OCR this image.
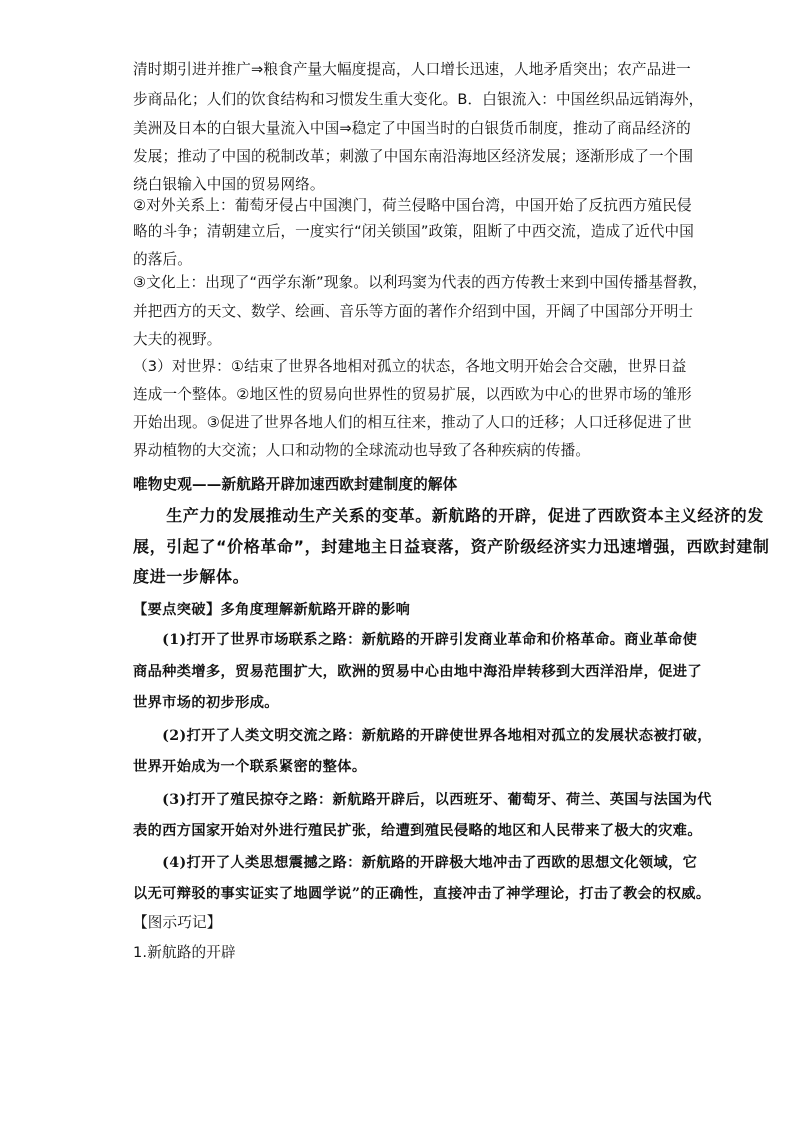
清时期引进并推广⇒粮食产量大幅度提高，人口增长迅速，人地矛盾突出；农产品进一
步商品化；人们的饮食结构和习惯发生重大变化。B．白银流入：中国丝织品远销海外，
美洲及日本的白银大量流入中国⇒稳定了中国当时的白银货币制度，推动了商品经济的
发展；推动了中国的税制改革；刺激了中国东南沿海地区经济发展；逐渐形成了一个围
绕白银输入中国的贸易网络。
②对外关系上：葡萄牙侵占中国澳门，荷兰侵略中国台湾，中国开始了反抗西方殖民侵
略的斗争；清朝建立后，一度实行“闭关锁国”政策，阻断了中西交流，造成了近代中国
的落后。
③文化上：出现了“西学东渐”现象。以利玛窦为代表的西方传教士来到中国传播基督教，
并把西方的天文、数学、绘画、音乐等方面的著作介绍到中国，开阔了中国部分开明士
大夫的视野。
（3）对世界：①结束了世界各地相对孤立的状态，各地文明开始会合交融，世界日益
连成一个整体。②地区性的贸易向世界性的贸易扩展，以西欧为中心的世界市场的雏形
开始出现。③促进了世界各地人们的相互往来，推动了人口的迁移；人口迁移促进了世
界动植物的大交流；人口和动物的全球流动也导致了各种疾病的传播。
唯物史观——新航路开辟加速西欧封建制度的解体
　　生产力的发展推动生产关系的变革。新航路的开辟，促进了西欧资本主义经济的发
展，引起了“价格革命”，封建地主日益衰落，资产阶级经济实力迅速增强，西欧封建制
度进一步解体。
【要点突破】多角度理解新航路开辟的影响
　　(1)打开了世界市场联系之路：新航路的开辟引发商业革命和价格革命。商业革命使
商品种类增多，贸易范围扩大，欧洲的贸易中心由地中海沿岸转移到大西洋沿岸，促进了
世界市场的初步形成。
　　(2)打开了人类文明交流之路：新航路的开辟使世界各地相对孤立的发展状态被打破，
世界开始成为一个联系紧密的整体。
　　(3)打开了殖民掠夺之路：新航路开辟后，以西班牙、葡萄牙、荷兰、英国与法国为代
表的西方国家开始对外进行殖民扩张，给遭到殖民侵略的地区和人民带来了极大的灾难。
　　(4)打开了人类思想震撼之路：新航路的开辟极大地冲击了西欧的思想文化领域，它
以无可辩驳的事实证实了地圆学说”的正确性，直接冲击了神学理论，打击了教会的权威。
【图示巧记】
1.新航路的开辟
